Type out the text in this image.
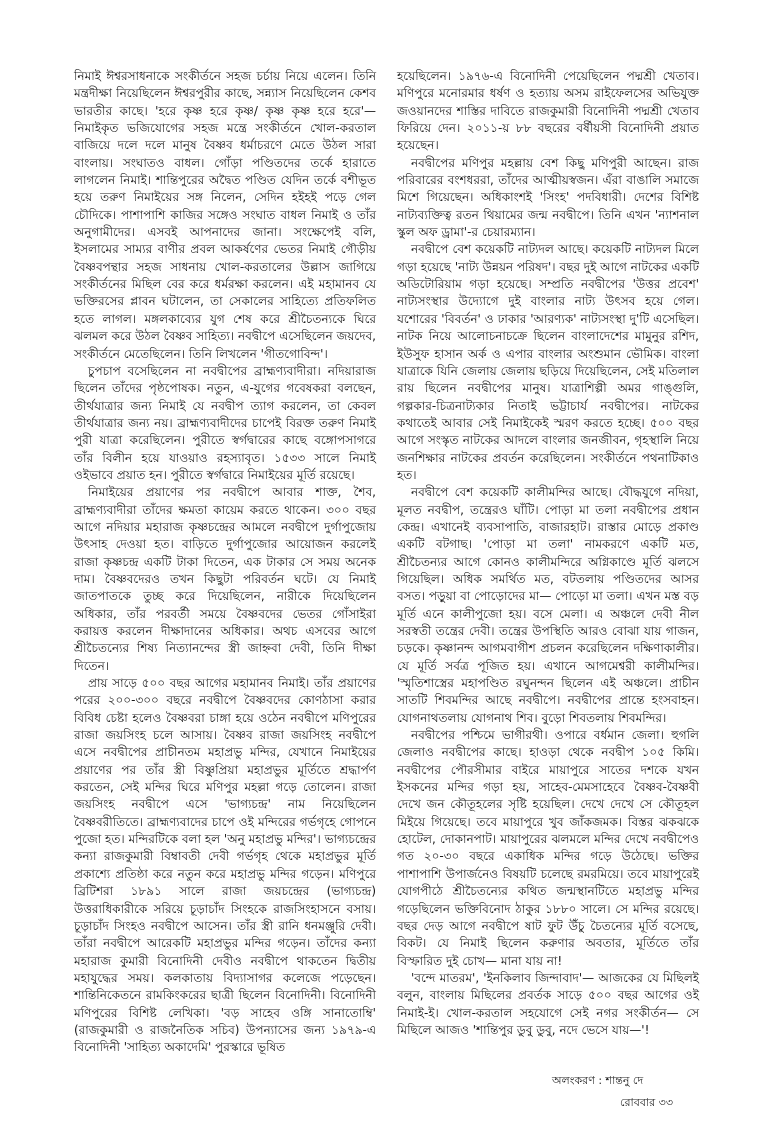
নিমাই ঈশ্বরসাধনাকে সংকীর্তনে সহজ চর্চায় নিয়ে এলেন। তিনি মন্ত্রদীক্ষা নিয়েছিলেন ঈশ্বরপুরীর কাছে, সন্ন্যাস নিয়েছিলেন কেশব ভারতীর কাছে। 'হরে কৃষ্ণ হরে কৃষ্ণ/ কৃষ্ণ কৃষ্ণ হরে হরে'— নিমাইকৃত ভজিযোগের সহজ মন্ত্রে সংকীর্তনে খোল-করতাল বাজিয়ে দলে দলে মানুষ বৈষ্ণব ধর্মাচরণে মেতে উঠল সারা বাংলায়। সংঘাতও বাধল। গোঁড়া পণ্ডিতদের তর্কে হারাতে লাগলেন নিমাই। শান্তিপুরের অদ্বৈত পণ্ডিত যেদিন তর্কে বশীভূত হয়ে তরুণ নিমাইয়ের সঙ্গ নিলেন, সেদিন হইহই পড়ে গেল চৌদিকে। পাশাপাশি কাজির সঙ্গেও সংঘাত বাধল নিমাই ও তাঁর অনুগামীদের। এসবই আপনাদের জানা। সংক্ষেপেই বলি, ইসলামের সাম্যর বাণীর প্রবল আকর্ষণের ভেতর নিমাই গৌড়ীয় বৈষ্ণবপন্থার সহজ সাধনায় খোল-করতালের উল্লাস জাগিয়ে সংকীর্তনের মিছিল বের করে ধর্মরক্ষা করলেন। এই মহামানব যে ভক্তিরসের প্লাবন ঘটালেন, তা সেকালের সাহিত্যে প্রতিফলিত হতে লাগল। মঙ্গলকাব্যের যুগ শেষ করে শ্রীচৈতন্যকে ঘিরে ঝলমল করে উঠল বৈষ্ণব সাহিত্য। নবদ্বীপে এসেছিলেন জয়দেব, সংকীর্তনে মেতেছিলেন। তিনি লিখলেন 'গীতগোবিন্দ'।

চুপচাপ বসেছিলেন না নবদ্বীপের ব্রাহ্মণ্যবাদীরা। নদিয়ারাজ ছিলেন তাঁদের পৃষ্ঠপোষক। নতুন, এ-যুগের গবেষকরা বলছেন, তীর্থযাত্রার জন্য নিমাই যে নবদ্বীপ ত্যাগ করলেন, তা কেবল তীর্থযাত্রার জন্য নয়। ব্রাহ্মণ্যবাদীদের চাপেই বিরক্ত তরুণ নিমাই পুরী যাত্রা করেছিলেন। পুরীতে স্বর্গদ্বারের কাছে বঙ্গোপসাগরে তাঁর বিলীন হয়ে যাওয়াও রহস্যাবৃত। ১৫৩৩ সালে নিমাই ওইভাবে প্রয়াত হন। পুরীতে স্বর্গদ্বারে নিমাইয়ের মূর্তি রয়েছে।

নিমাইয়ের প্রয়াণের পর নবদ্বীপে আবার শাক্ত, শৈব, ব্রাহ্মণ্যবাদীরা তাঁদের ক্ষমতা কায়েম করতে থাকেন। ৩০০ বছর আগে নদিয়ার মহারাজ কৃষ্ণচন্দ্রের আমলে নবদ্বীপে দুর্গাপুজোয় উৎসাহ দেওয়া হত। বাড়িতে দুর্গাপুজোর আয়োজন করলেই রাজা কৃষ্ণচন্দ্র একটি টাকা দিতেন, এক টাকার সে সময় অনেক দাম। বৈষ্ণবদেরও তখন কিছুটা পরিবর্তন ঘটে। যে নিমাই জাতপাতকে তুচ্ছ করে দিয়েছিলেন, নারীকে দিয়েছিলেন অধিকার, তাঁর পরবর্তী সময়ে বৈষ্ণবদের ভেতর গোঁসাইরা করায়ত্ত করলেন দীক্ষাদানের অধিকার। অথচ এসবের আগে শ্রীচৈতন্যের শিষ্য নিত্যানন্দের স্ত্রী জাহ্নবা দেবী, তিনি দীক্ষা দিতেন।

প্রায় সাড়ে ৫০০ বছর আগের মহামানব নিমাই। তাঁর প্রয়াণের পরের ২০০-৩০০ বছরে নবদ্বীপে বৈষ্ণবদের কোণঠাসা করার বিবিধ চেষ্টা হলেও বৈষ্ণবরা চাঙ্গা হয়ে ওঠেন নবদ্বীপে মণিপুরের রাজা জয়সিংহ চলে আসায়। বৈষ্ণব রাজা জয়সিংহ নবদ্বীপে এসে নবদ্বীপের প্রাচীনতম মহাপ্রভু মন্দির, যেখানে নিমাইয়ের প্রয়াণের পর তাঁর স্ত্রী বিষ্ণুপ্রিয়া মহাপ্রভুর মূর্তিতে শ্রদ্ধার্পণ করতেন, সেই মন্দির ঘিরে মণিপুর মহল্লা গড়ে তোলেন। রাজা জয়সিংহ নবদ্বীপে এসে 'ভাগ্যচন্দ্র' নাম নিয়েছিলেন বৈষ্ণবরীতিতে। ব্রাহ্মণ্যবাদের চাপে ওই মন্দিরের গর্ভগৃহে গোপনে পুজো হত। মন্দিরটিকে বলা হল 'অনু মহাপ্রভু মন্দির'। ভাগ্যচন্দ্রের কন্যা রাজকুমারী বিম্বাবতী দেবী গর্ভগৃহ থেকে মহাপ্রভুর মূর্তি প্রকাশ্যে প্রতিষ্ঠা করে নতুন করে মহাপ্রভু মন্দির গড়েন। মণিপুরে ব্রিটিশরা ১৮৯১ সালে রাজা জয়চন্দ্রের (ভাগ্যচন্দ্র) উত্তরাধিকারীকে সরিয়ে চূড়াচাঁদ সিংহকে রাজসিংহাসনে বসায়। চূড়াচাঁদ সিংহও নবদ্বীপে আসেন। তাঁর স্ত্রী রানি ধনমঞ্জুরি দেবী। তাঁরা নবদ্বীপে আরেকটি মহাপ্রভুর মন্দির গড়েন। তাঁদের কন্যা মহারাজ কুমারী বিনোদিনী দেবীও নবদ্বীপে থাকতেন দ্বিতীয় মহাযুদ্ধের সময়। কলকাতায় বিদ্যাসাগর কলেজে পড়েছেন। শান্তিনিকেতনে রামকিংকরের ছাত্রী ছিলেন বিনোদিনী। বিনোদিনী মণিপুরের বিশিষ্ট লেখিকা। 'বড় সাহেব ওঙ্গি সানাতোম্বি' (রাজকুমারী ও রাজনৈতিক সচিব) উপন্যাসের জন্য ১৯৭৯-এ বিনোদিনী 'সাহিত্য অকাদেমি' পুরস্কারে ভূষিত

হয়েছিলেন। ১৯৭৬-এ বিনোদিনী পেয়েছিলেন পদ্মশ্রী খেতাব। মণিপুরে মনোরমার ধর্ষণ ও হত্যায় অসম রাইফেলসের অভিযুক্ত জওয়ানদের শাস্তির দাবিতে রাজকুমারী বিনোদিনী পদ্মশ্রী খেতাব ফিরিয়ে দেন। ২০১১-য় ৮৮ বছরের বর্ষীয়সী বিনোদিনী প্রয়াত হয়েছেন।

নবদ্বীপের মণিপুর মহল্লায় বেশ কিছু মণিপুরী আছেন। রাজ পরিবারের বংশধররা, তাঁদের আত্মীয়স্বজন। এঁরা বাঙালি সমাজে মিশে গিয়েছেন। অধিকাংশই 'সিংহ' পদবিধারী। দেশের বিশিষ্ট নাট্যব্যক্তিত্ব রতন থিয়ামের জন্ম নবদ্বীপে। তিনি এখন 'ন্যাশনাল স্কুল অফ ড্রামা'-র চেয়ারম্যান।

নবদ্বীপে বেশ কয়েকটি নাট্যদল আছে। কয়েকটি নাট্যদল মিলে গড়া হয়েছে 'নাট্য উন্নয়ন পরিষদ'। বছর দুই আগে নাটকের একটি অডিটোরিয়াম গড়া হয়েছে। সম্প্রতি নবদ্বীপের 'উত্তর প্রবেশ' নাট্যসংস্থার উদ্যোগে দুই বাংলার নাট্য উৎসব হয়ে গেল। যশোরের 'বিবর্তন' ও ঢাকার 'আরণ্যক' নাট্যসংস্থা দু'টি এসেছিল। নাটক নিয়ে আলোচনাচক্রে ছিলেন বাংলাদেশের মামুনুর রশিদ, ইউসুফ হাসান অর্ক ও এপার বাংলার অংশুমান ভৌমিক। বাংলা যাত্রাকে যিনি জেলায় জেলায় ছড়িয়ে দিয়েছিলেন, সেই মতিলাল রায় ছিলেন নবদ্বীপের মানুষ। যাত্রাশিল্পী অমর গাঙ্গুলি, গল্পকার-চিত্রনাট্যকার নিতাই ভট্টাচার্য নবদ্বীপের। নাটকের কথাতেই আবার সেই নিমাইকেই স্মরণ করতে হচ্ছে। ৫০০ বছর আগে সংস্কৃত নাটকের আদলে বাংলার জনজীবন, গৃহস্থালি নিয়ে জনশিক্ষার নাটকের প্রবর্তন করেছিলেন। সংকীর্তনে পথনাটিকাও হত।

নবদ্বীপে বেশ কয়েকটি কালীমন্দির আছে। বৌদ্ধযুগে নদিয়া, মূলত নবদ্বীপ, তন্ত্রেরও ঘাঁটি। পোড়া মা তলা নবদ্বীপের প্রধান কেন্দ্র। এখানেই ব্যবসাপাতি, বাজারহাট। রাস্তার মোড়ে প্রকাণ্ড একটি বটগাছ। 'পোড়া মা তলা' নামকরণে একটি মত, শ্রীচৈতন্যর আগে কোনও কালীমন্দিরে অগ্নিকাণ্ডে মূর্তি ঝলসে গিয়েছিল। অধিক সমর্থিত মত, বটতলায় পণ্ডিতদের আসর বসত। পড়ুয়া বা পোড়োদের মা— পোড়ো মা তলা। এখন মস্ত বড় মূর্তি এনে কালীপুজো হয়। বসে মেলা। এ অঞ্চলে দেবী নীল সরস্বতী তন্ত্রের দেবী। তন্ত্রের উপস্থিতি আরও বোঝা যায় গাজন, চড়কে। কৃষ্ণানন্দ আগমবাগীশ প্রচলন করেছিলেন দক্ষিণাকালীর। যে মূর্তি সর্বত্র পূজিত হয়। এখানে আগমেশ্বরী কালীমন্দির। 'স্মৃতিশাস্ত্রের মহাপণ্ডিত রঘুনন্দন ছিলেন এই অঞ্চলে। প্রাচীন সাতটি শিবমন্দির আছে নবদ্বীপে। নবদ্বীপের প্রান্তে হংসবাহন। যোগনাথতলায় যোগনাথ শিব। বুড়ো শিবতলায় শিবমন্দির।

নবদ্বীপের পশ্চিমে ভাগীরথী। ওপারে বর্ধমান জেলা। হুগলি জেলাও নবদ্বীপের কাছে। হাওড়া থেকে নবদ্বীপ ১০৫ কিমি। নবদ্বীপের পৌরসীমার বাইরে মায়াপুরে সাতের দশকে যখন ইসকনের মন্দির গড়া হয়, সাহেব-মেমসাহেবে বৈষ্ণব-বৈষ্ণবী দেখে জন কৌতূহলের সৃষ্টি হয়েছিল। দেখে দেখে সে কৌতূহল মিইয়ে গিয়েছে। তবে মায়াপুরে খুব জাঁকজমক। বিস্তর ঝকঝকে হোটেল, দোকানপাট। মায়াপুরের ঝলমলে মন্দির দেখে নবদ্বীপেও গত ২০-৩০ বছরে একাধিক মন্দির গড়ে উঠেছে। ভক্তির পাশাপাশি উপার্জনেও বিষয়টি চলেছে রমরমিয়ে। তবে মায়াপুরেই যোগপীঠে শ্রীচৈতন্যের কথিত জন্মস্থানটিতে মহাপ্রভু মন্দির গড়েছিলেন ভক্তিবিনোদ ঠাকুর ১৮৮০ সালে। সে মন্দির রয়েছে। বছর দেড় আগে নবদ্বীপে ষাট ফুট উঁচু চৈতন্যের মূর্তি বসেছে, বিকট। যে নিমাই ছিলেন করুণার অবতার, মূর্তিতে তাঁর বিস্ফারিত দুই চোখ— মানা যায় না!

'বন্দে মাতরম', 'ইনকিলাব জিন্দাবাদ'— আজকের যে মিছিলই বলুন, বাংলায় মিছিলের প্রবর্তক সাড়ে ৫০০ বছর আগের ওই নিমাই-ই। খোল-করতাল সহযোগে সেই নগর সংকীর্তন— সে মিছিলে আজও 'শান্তিপুর ডুবু ডুবু, নদে ভেসে যায়—'!

অলংকরণ : শান্তনু দে
রোববার ৩৩
